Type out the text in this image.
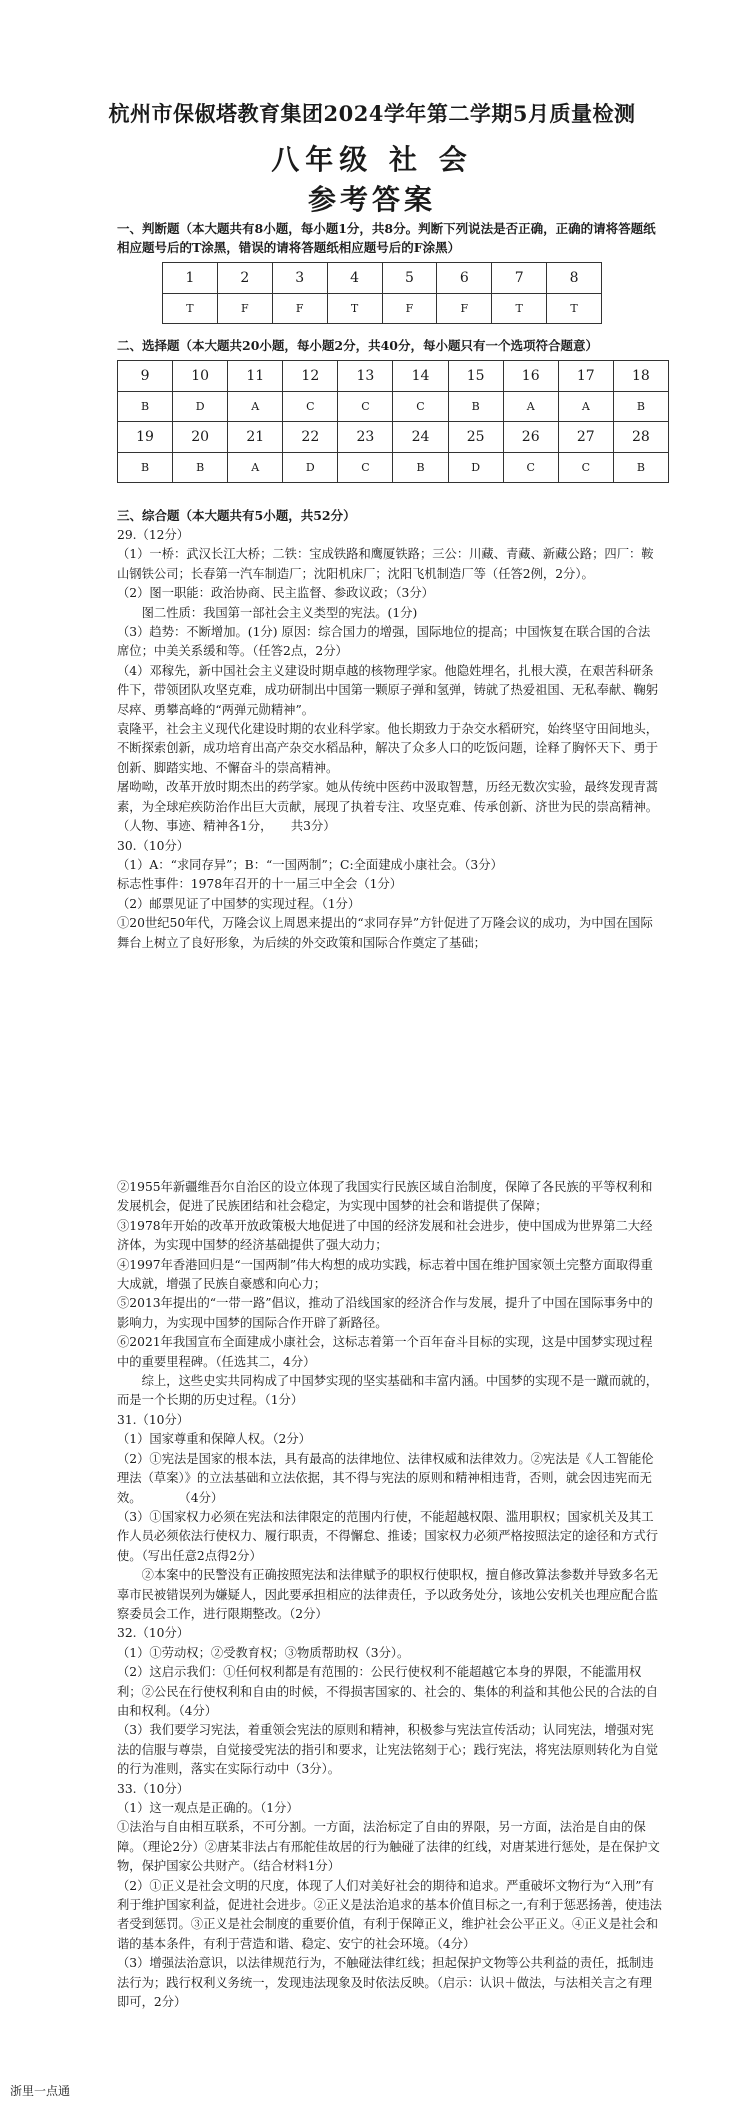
杭州市保俶塔教育集团2024学年第二学期5月质量检测
八年级 社 会
参考答案
一、判断题（本大题共有8小题，每小题1分，共8分。判断下列说法是否正确，正确的请将答题纸相应题号后的T涂黑，错误的请将答题纸相应题号后的F涂黑）
1	2	3	4	5	6	7	8
T	F	F	T	F	F	T	T
二、选择题（本大题共20小题，每小题2分，共40分，每小题只有一个选项符合题意）
9	10	11	12	13	14	15	16	17	18
B	D	A	C	C	C	B	A	A	B
19	20	21	22	23	24	25	26	27	28
B	B	A	D	C	B	D	C	C	B
三、综合题（本大题共有5小题，共52分）

29.（12分）

（1）一桥：武汉长江大桥；二铁：宝成铁路和鹰厦铁路；三公：川藏、青藏、新藏公路；四厂：鞍山钢铁公司；长春第一汽车制造厂；沈阳机床厂；沈阳飞机制造厂等（任答2例，2分）。

（2）图一职能：政治协商、民主监督、参政议政；（3分）

图二性质：我国第一部社会主义类型的宪法。(1分)

（3）趋势：不断增加。(1分) 原因：综合国力的增强，国际地位的提高；中国恢复在联合国的合法席位；中美关系缓和等。（任答2点，2分）

（4）邓稼先，新中国社会主义建设时期卓越的核物理学家。他隐姓埋名，扎根大漠，在艰苦科研条件下，带领团队攻坚克难，成功研制出中国第一颗原子弹和氢弹，铸就了热爱祖国、无私奉献、鞠躬尽瘁、勇攀高峰的“两弹元勋精神”。

袁隆平，社会主义现代化建设时期的农业科学家。他长期致力于杂交水稻研究，始终坚守田间地头，不断探索创新，成功培育出高产杂交水稻品种，解决了众多人口的吃饭问题，诠释了胸怀天下、勇于创新、脚踏实地、不懈奋斗的崇高精神。

屠呦呦，改革开放时期杰出的药学家。她从传统中医药中汲取智慧，历经无数次实验，最终发现青蒿素，为全球疟疾防治作出巨大贡献，展现了执着专注、攻坚克难、传承创新、济世为民的崇高精神。（人物、事迹、精神各1分，　　共3分）

30.（10分）

（1）A：“求同存异”；B：“一国两制”；C:全面建成小康社会。（3分）

标志性事件：1978年召开的十一届三中全会（1分）

（2）邮票见证了中国梦的实现过程。（1分）

①20世纪50年代，万隆会议上周恩来提出的“求同存异”方针促进了万隆会议的成功，为中国在国际舞台上树立了良好形象，为后续的外交政策和国际合作奠定了基础；

②1955年新疆维吾尔自治区的设立体现了我国实行民族区域自治制度，保障了各民族的平等权利和发展机会，促进了民族团结和社会稳定，为实现中国梦的社会和谐提供了保障；

③1978年开始的改革开放政策极大地促进了中国的经济发展和社会进步，使中国成为世界第二大经济体，为实现中国梦的经济基础提供了强大动力；

④1997年香港回归是“一国两制”伟大构想的成功实践，标志着中国在维护国家领土完整方面取得重大成就，增强了民族自豪感和向心力；

⑤2013年提出的“一带一路”倡议，推动了沿线国家的经济合作与发展，提升了中国在国际事务中的影响力，为实现中国梦的国际合作开辟了新路径。

⑥2021年我国宣布全面建成小康社会，这标志着第一个百年奋斗目标的实现，这是中国梦实现过程中的重要里程碑。（任选其二，4分）

综上，这些史实共同构成了中国梦实现的坚实基础和丰富内涵。中国梦的实现不是一蹴而就的，而是一个长期的历史过程。（1分）

31.（10分）

（1）国家尊重和保障人权。（2分）

（2）①宪法是国家的根本法，具有最高的法律地位、法律权威和法律效力。②宪法是《人工智能伦理法（草案）》的立法基础和立法依据，其不得与宪法的原则和精神相违背，否则，就会因违宪而无效。　　　　（4分）

（3）①国家权力必须在宪法和法律限定的范围内行使，不能超越权限、滥用职权；国家机关及其工作人员必须依法行使权力、履行职责，不得懈怠、推诿；国家权力必须严格按照法定的途径和方式行使。（写出任意2点得2分）

②本案中的民警没有正确按照宪法和法律赋予的职权行使职权，擅自修改算法参数并导致多名无辜市民被错误列为嫌疑人，因此要承担相应的法律责任，予以政务处分，该地公安机关也理应配合监察委员会工作，进行限期整改。（2分）

32.（10分）

（1）①劳动权；②受教育权；③物质帮助权（3分）。

（2）这启示我们：①任何权利都是有范围的：公民行使权利不能超越它本身的界限，不能滥用权利；②公民在行使权利和自由的时候，不得损害国家的、社会的、集体的利益和其他公民的合法的自由和权利。（4分）

（3）我们要学习宪法，着重领会宪法的原则和精神，积极参与宪法宣传活动；认同宪法，增强对宪法的信服与尊崇，自觉接受宪法的指引和要求，让宪法铭刻于心；践行宪法，将宪法原则转化为自觉的行为准则，落实在实际行动中（3分）。

33.（10分）

（1）这一观点是正确的。（1分）

①法治与自由相互联系，不可分割。一方面，法治标定了自由的界限，另一方面，法治是自由的保障。（理论2分）②唐某非法占有邢舵佳故居的行为触碰了法律的红线，对唐某进行惩处，是在保护文物，保护国家公共财产。（结合材料1分）

（2）①正义是社会文明的尺度，体现了人们对美好社会的期待和追求。严重破坏文物行为“入刑”有利于维护国家利益，促进社会进步。②正义是法治追求的基本价值目标之一,有利于惩恶扬善，使违法者受到惩罚。③正义是社会制度的重要价值，有利于保障正义，维护社会公平正义。④正义是社会和谐的基本条件，有利于营造和谐、稳定、安宁的社会环境。（4分）

（3）增强法治意识，以法律规范行为，不触碰法律红线；担起保护文物等公共利益的责任，抵制违法行为；践行权利义务统一，发现违法现象及时依法反映。（启示：认识＋做法，与法相关言之有理即可，2分）

浙里一点通
